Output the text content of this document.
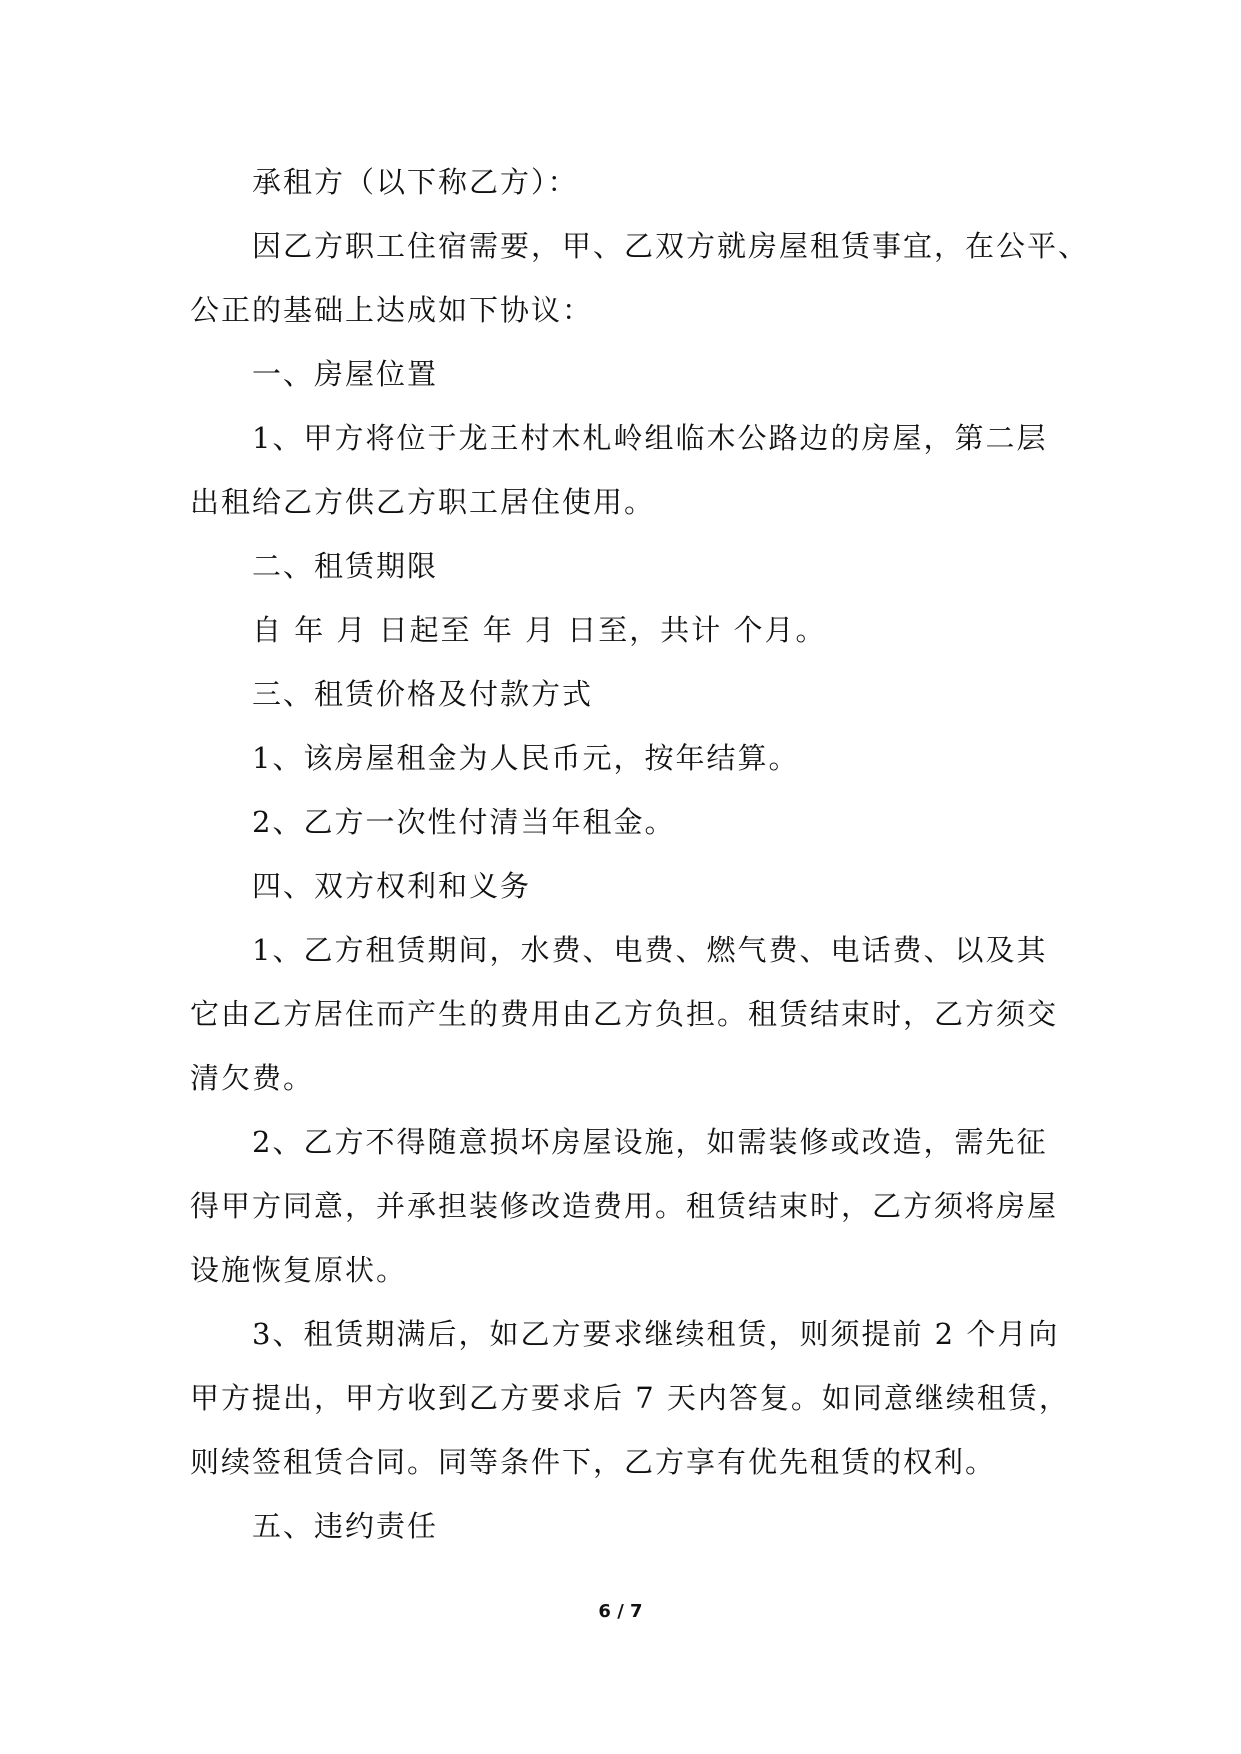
承租方（以下称乙方）：
因乙方职工住宿需要，甲、乙双方就房屋租赁事宜，在公平、
公正的基础上达成如下协议：
一、房屋位置
1、甲方将位于龙王村木札岭组临木公路边的房屋，第二层
出租给乙方供乙方职工居住使用。
二、租赁期限
自 年 月 日起至 年 月 日至，共计 个月。
三、租赁价格及付款方式
1、该房屋租金为人民币元，按年结算。
2、乙方一次性付清当年租金。
四、双方权利和义务
1、乙方租赁期间，水费、电费、燃气费、电话费、以及其
它由乙方居住而产生的费用由乙方负担。租赁结束时，乙方须交
清欠费。
2、乙方不得随意损坏房屋设施，如需装修或改造，需先征
得甲方同意，并承担装修改造费用。租赁结束时，乙方须将房屋
设施恢复原状。
3、租赁期满后，如乙方要求继续租赁，则须提前 2 个月向
甲方提出，甲方收到乙方要求后 7 天内答复。如同意继续租赁，
则续签租赁合同。同等条件下，乙方享有优先租赁的权利。
五、违约责任
6 / 7
